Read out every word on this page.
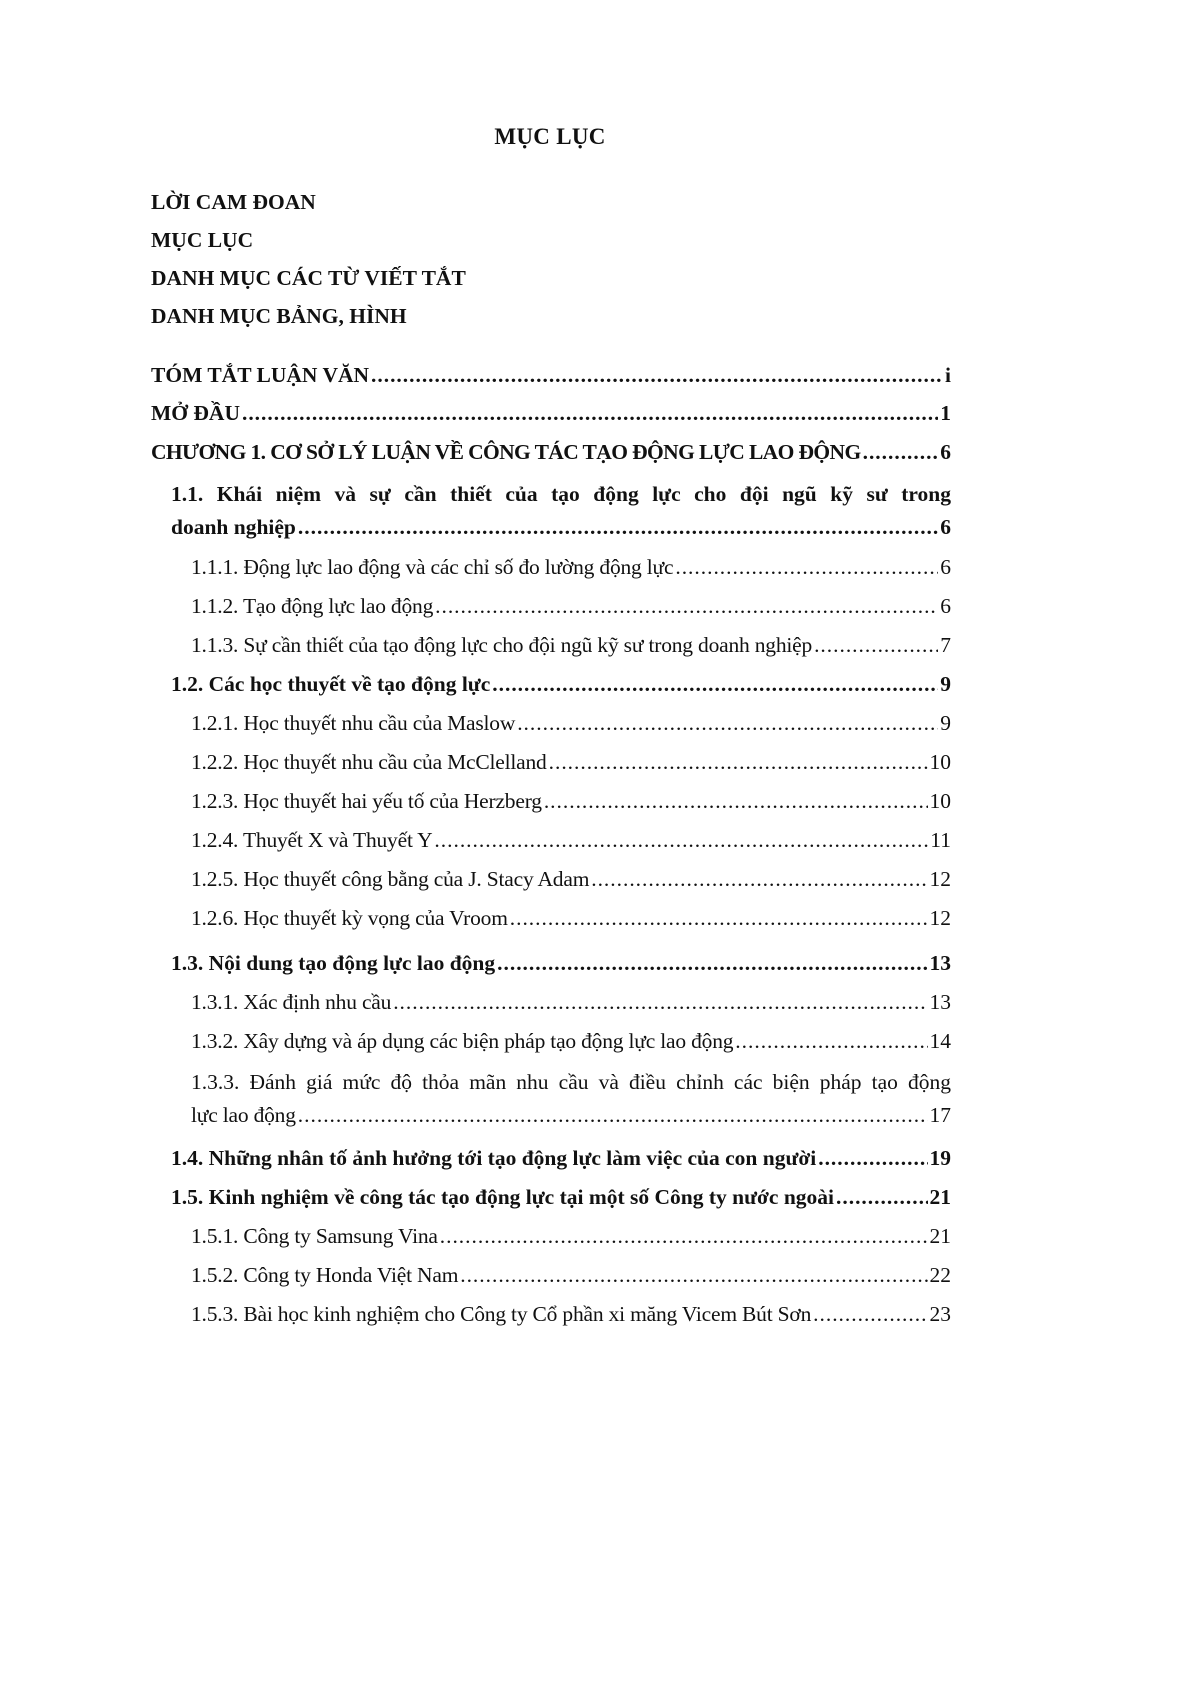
MỤC LỤC
LỜI CAM ĐOAN
MỤC LỤC
DANH MỤC CÁC TỪ VIẾT TẮT
DANH MỤC BẢNG, HÌNH
TÓM TẮT LUẬN VĂN . . .	i
MỞ ĐẦU . . .	1
CHƯƠNG 1. CƠ SỞ LÝ LUẬN VỀ CÔNG TÁC TẠO ĐỘNG LỰC LAO ĐỘNG . . .	6
1.1. Khái niệm và sự cần thiết của tạo động lực cho đội ngũ kỹ sư trong
doanh nghiệp . . .	6
1.1.1. Động lực lao động và các chỉ số đo lường động lực . . .	6
1.1.2. Tạo động lực lao động . . .	6
1.1.3. Sự cần thiết của tạo động lực cho đội ngũ kỹ sư trong doanh nghiệp . . .	7
1.2. Các học thuyết về tạo động lực . . .	9
1.2.1. Học thuyết nhu cầu của Maslow . . .	9
1.2.2. Học thuyết nhu cầu của McClelland . . .	10
1.2.3. Học thuyết hai yếu tố của Herzberg . . .	10
1.2.4. Thuyết X và Thuyết Y . . .	11
1.2.5. Học thuyết công bằng của J. Stacy Adam . . .	12
1.2.6. Học thuyết kỳ vọng của Vroom . . .	12
1.3. Nội dung tạo động lực lao động . . .	13
1.3.1. Xác định nhu cầu . . .	13
1.3.2. Xây dựng và áp dụng các biện pháp tạo động lực lao động . . .	14
1.3.3. Đánh giá mức độ thỏa mãn nhu cầu và điều chỉnh các biện pháp tạo động
lực lao động . . .	17
1.4. Những nhân tố ảnh hưởng tới tạo động lực làm việc của con người . . .	19
1.5. Kinh nghiệm về công tác tạo động lực tại một số Công ty nước ngoài . . .	21
1.5.1. Công ty Samsung Vina . . .	21
1.5.2. Công ty Honda Việt Nam . . .	22
1.5.3. Bài học kinh nghiệm cho Công ty Cổ phần xi măng Vicem Bút Sơn . . .	23
